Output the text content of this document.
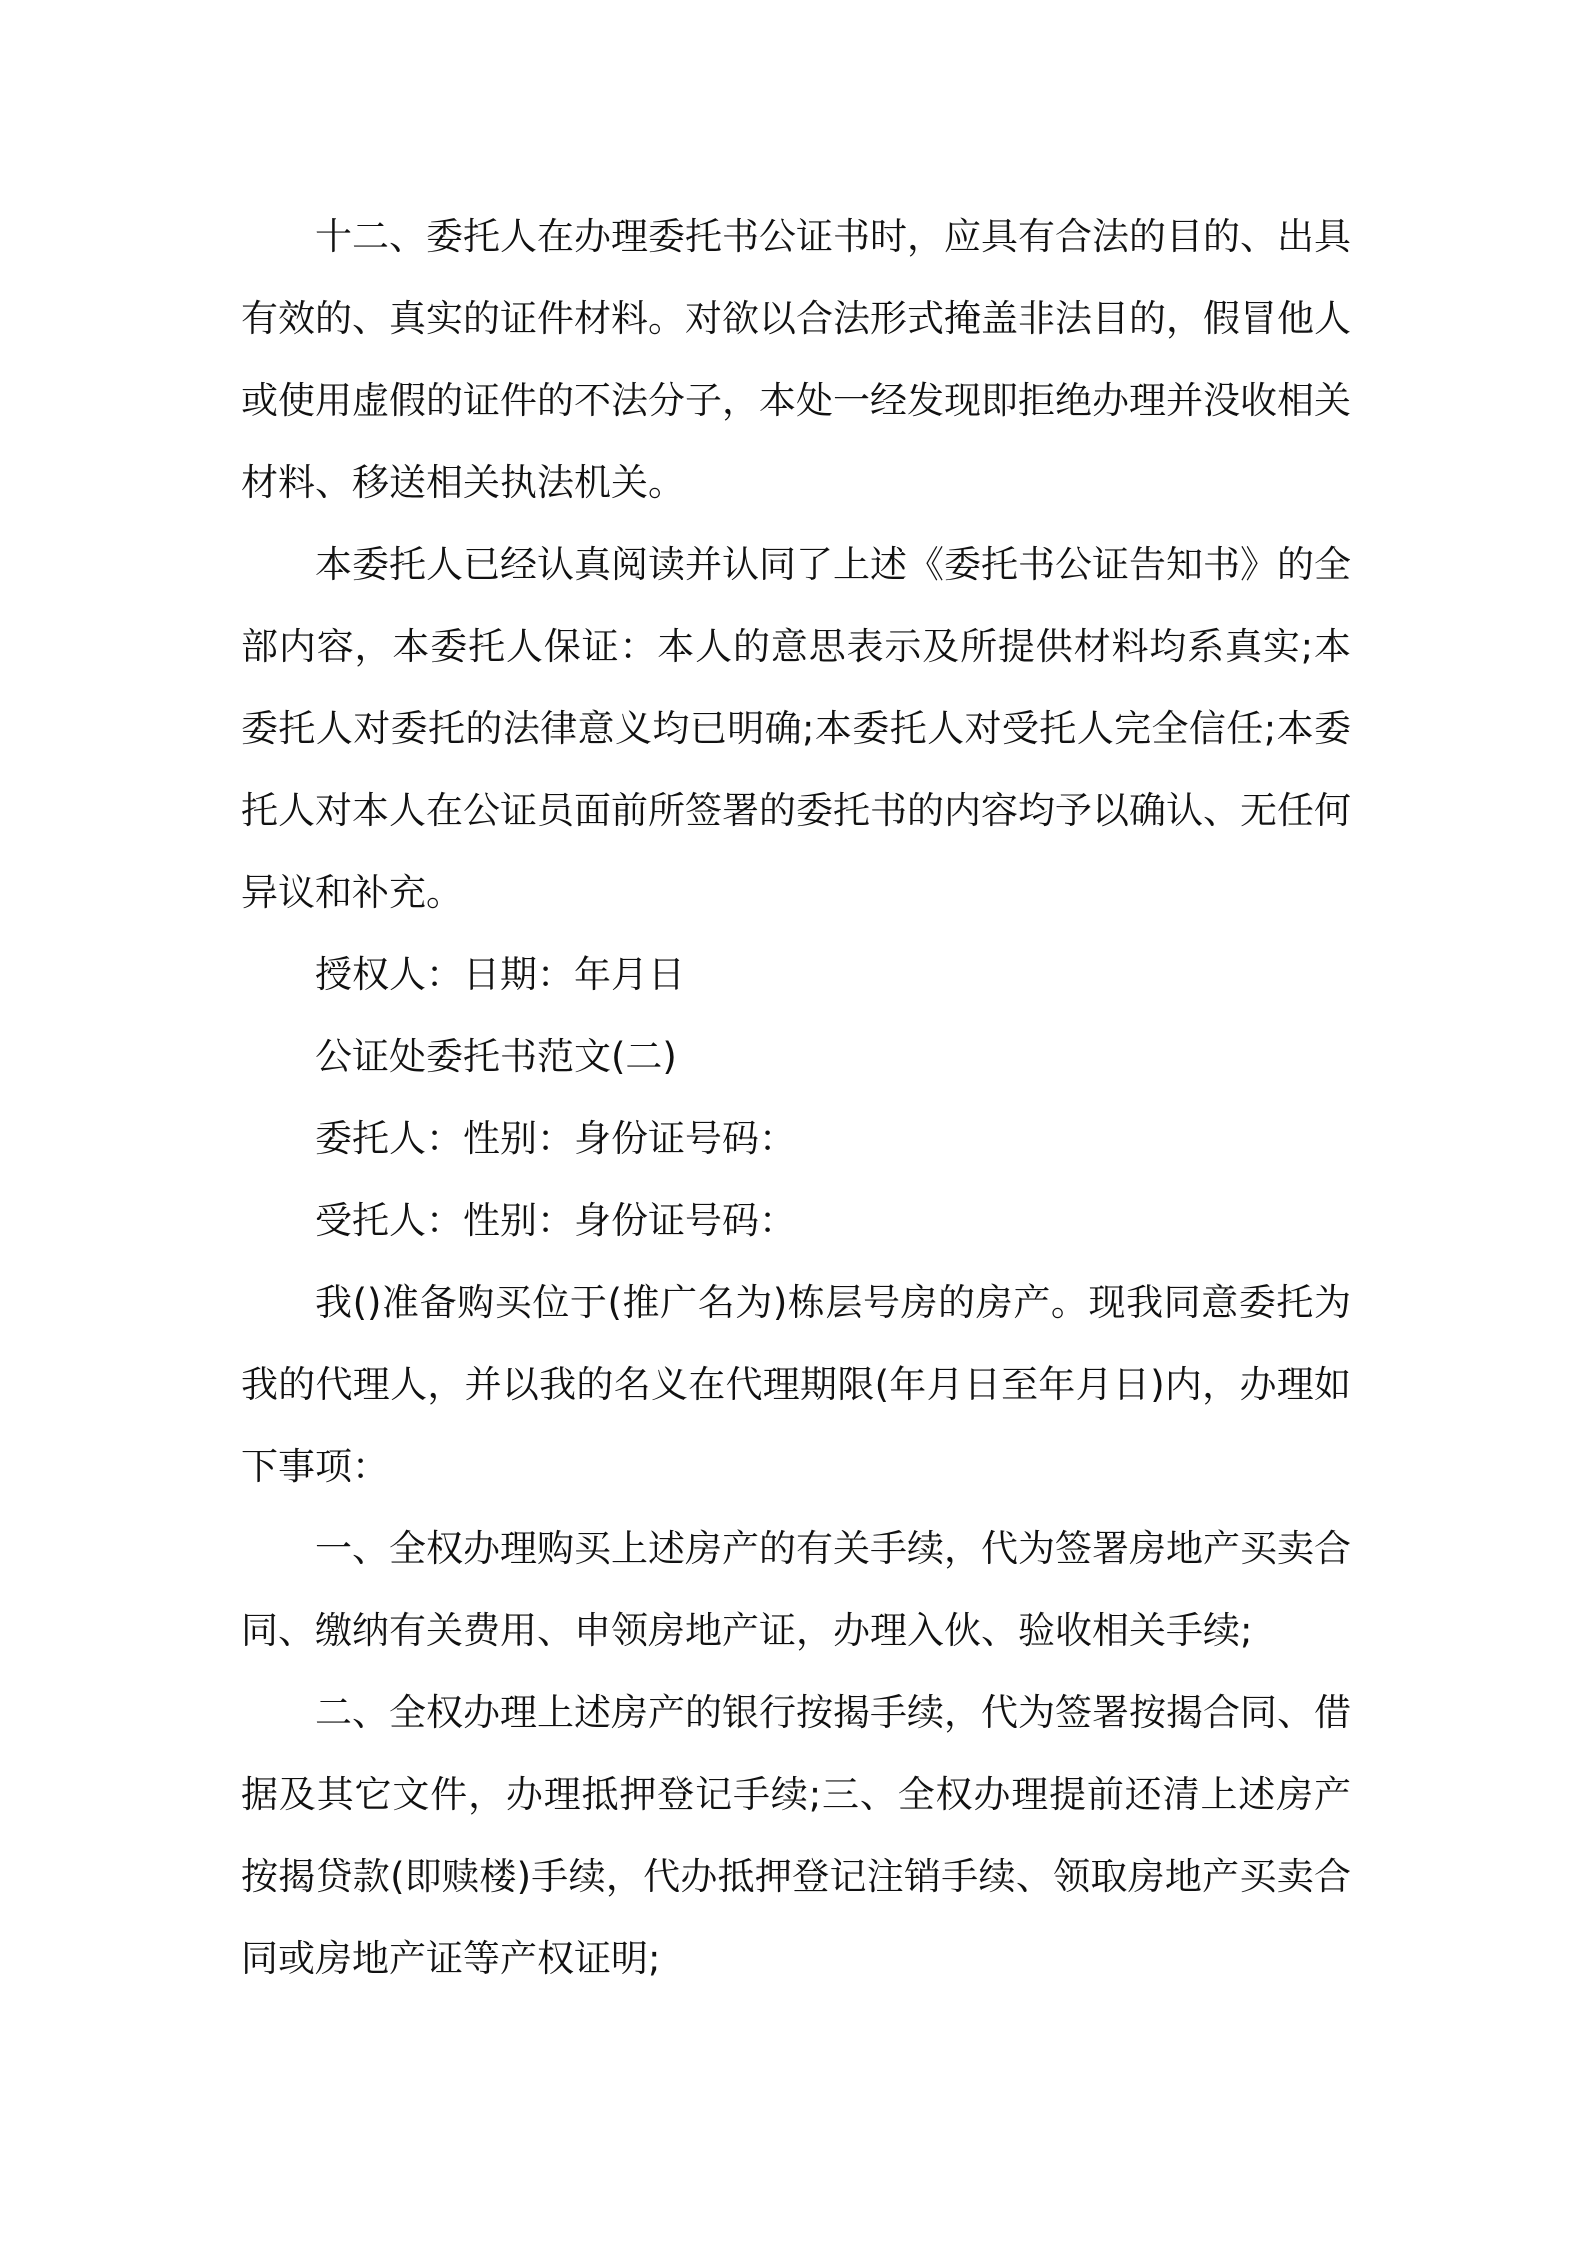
十二、委托人在办理委托书公证书时，应具有合法的目的、出具有效的、真实的证件材料。对欲以合法形式掩盖非法目的，假冒他人或使用虚假的证件的不法分子，本处一经发现即拒绝办理并没收相关材料、移送相关执法机关。

本委托人已经认真阅读并认同了上述《委托书公证告知书》的全部内容，本委托人保证：本人的意思表示及所提供材料均系真实;本委托人对委托的法律意义均已明确;本委托人对受托人完全信任;本委托人对本人在公证员面前所签署的委托书的内容均予以确认、无任何异议和补充。

授权人：日期：年月日

公证处委托书范文(二)

委托人：性别：身份证号码：

受托人：性别：身份证号码：

我()准备购买位于(推广名为)栋层号房的房产。现我同意委托为我的代理人，并以我的名义在代理期限(年月日至年月日)内，办理如下事项：

一、全权办理购买上述房产的有关手续，代为签署房地产买卖合同、缴纳有关费用、申领房地产证，办理入伙、验收相关手续;

二、全权办理上述房产的银行按揭手续，代为签署按揭合同、借据及其它文件，办理抵押登记手续;三、全权办理提前还清上述房产按揭贷款(即赎楼)手续，代办抵押登记注销手续、领取房地产买卖合同或房地产证等产权证明;
